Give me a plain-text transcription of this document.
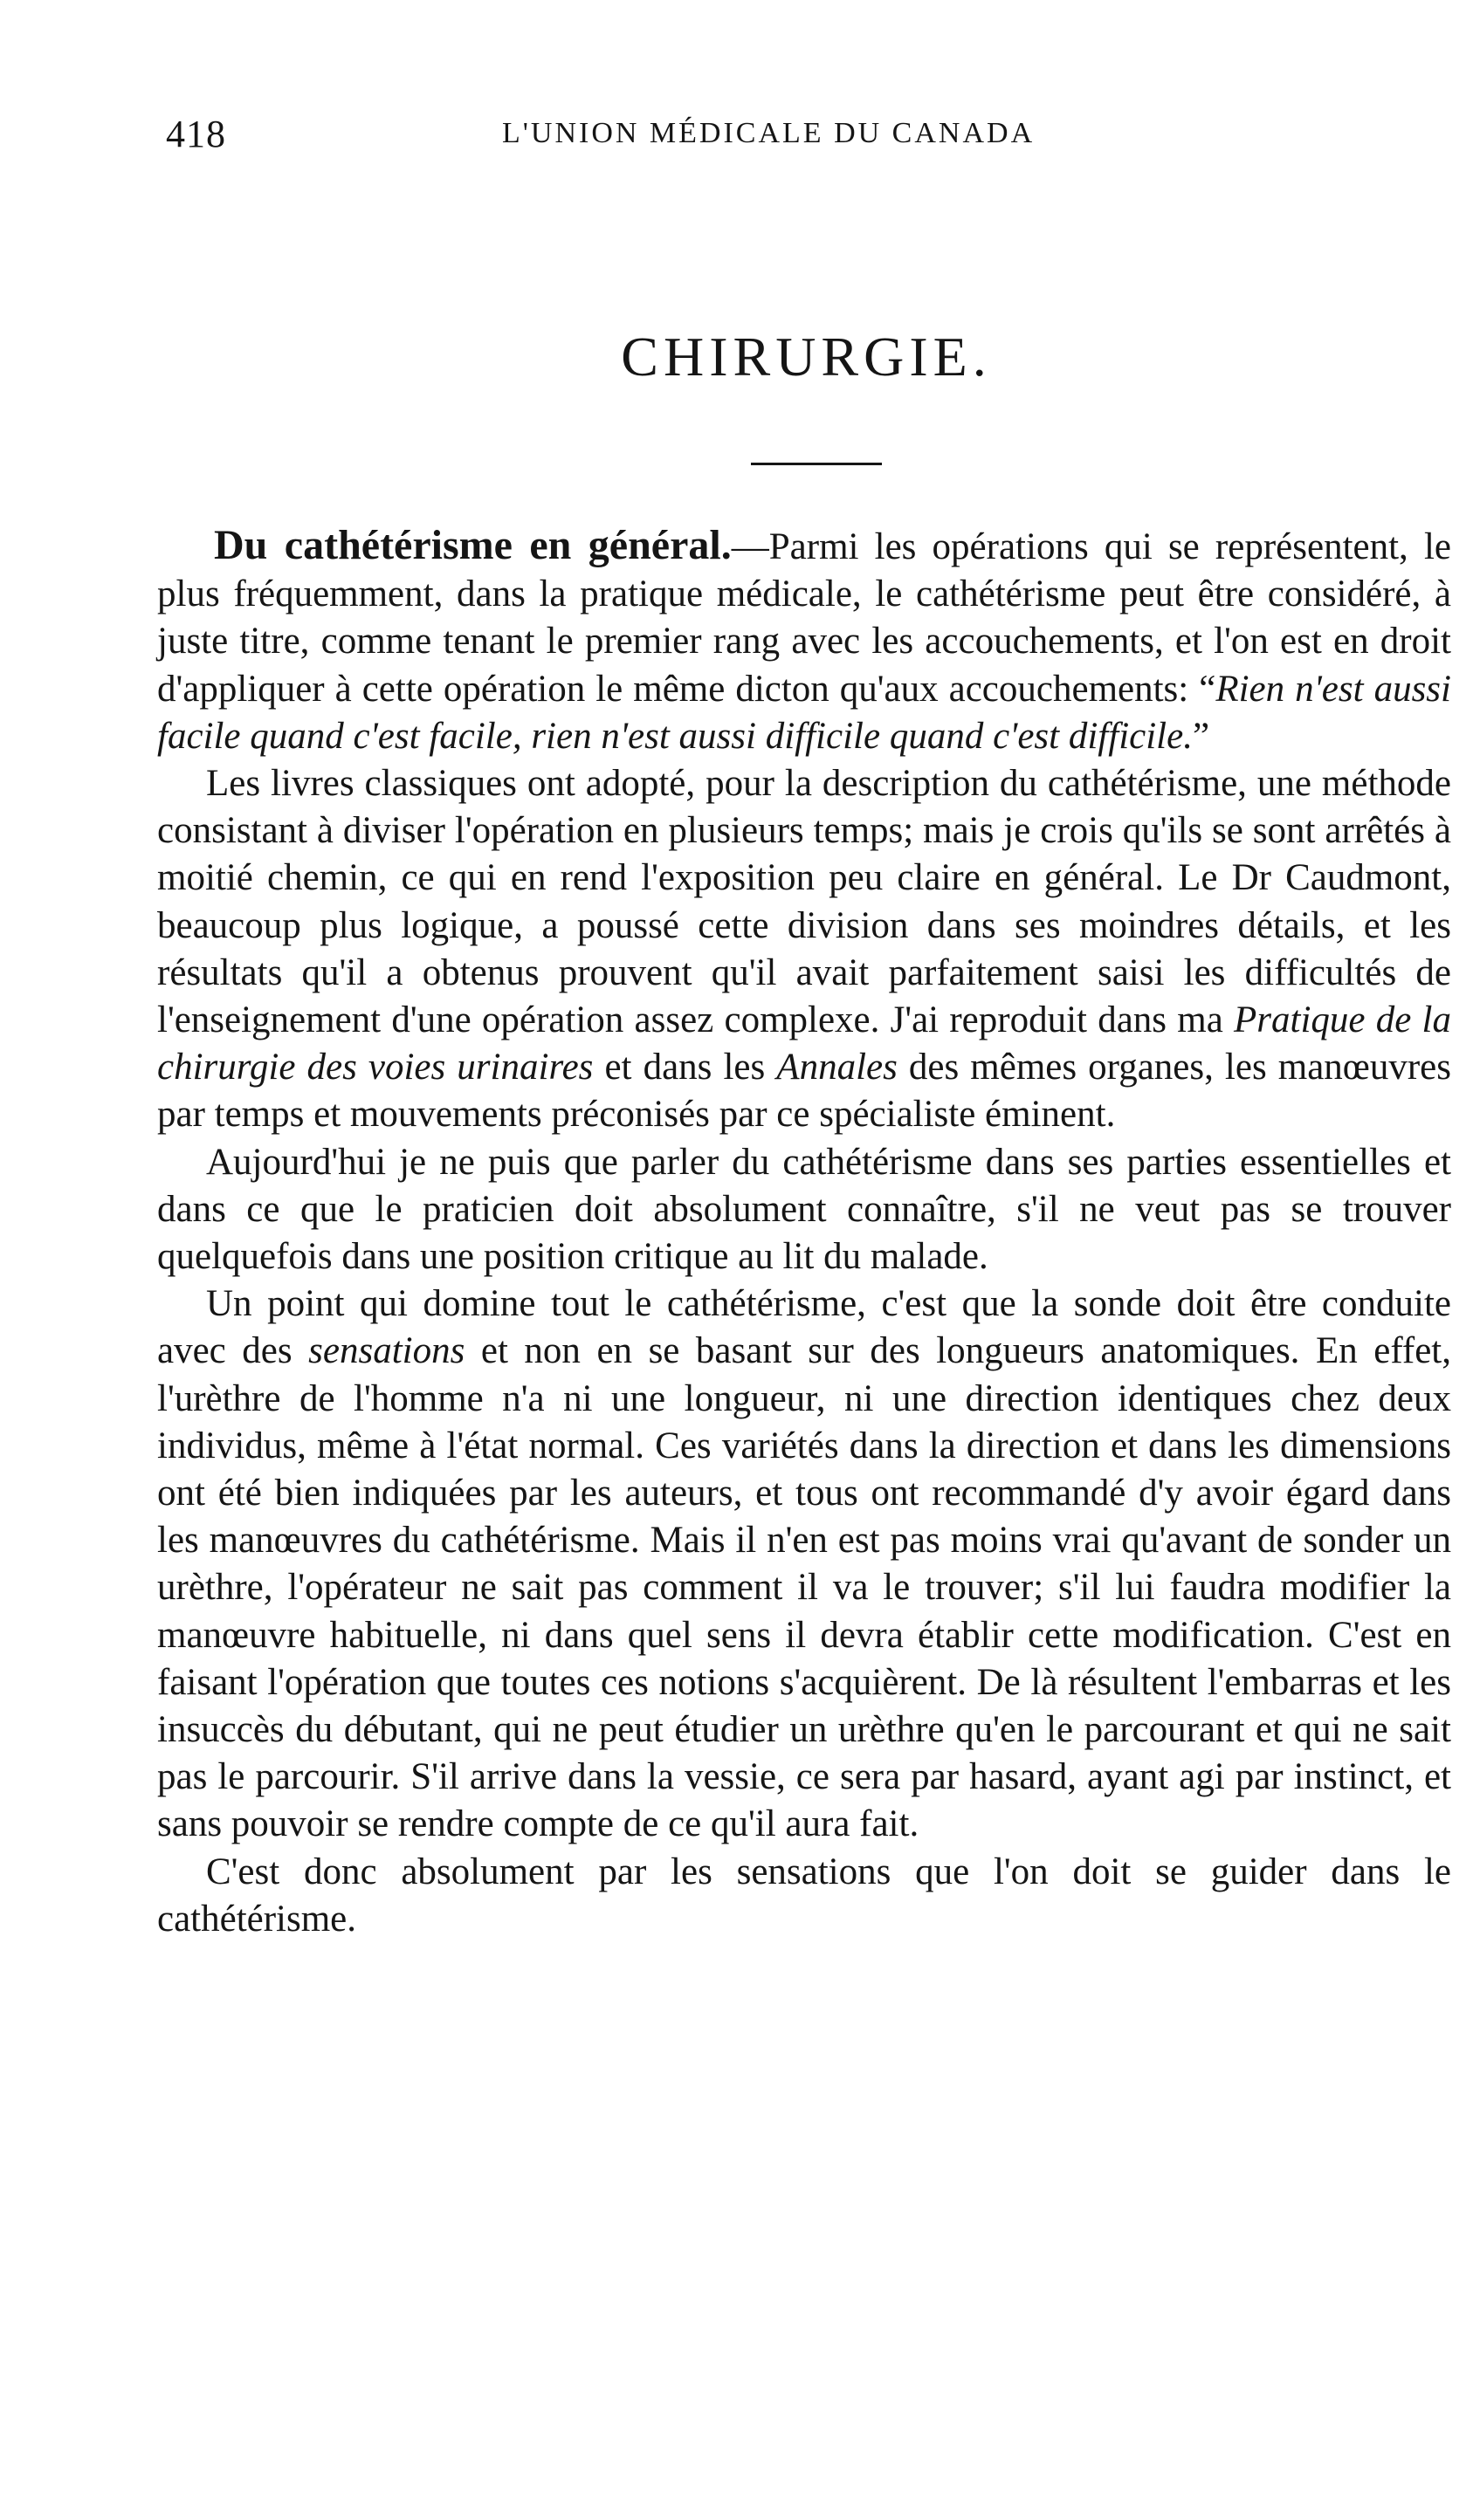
418	L'UNION MÉDICALE DU CANADA
CHIRURGIE.

Du cathétérisme en général.—Parmi les opérations qui se représentent, le plus fréquemment, dans la pratique médicale, le cathétérisme peut être considéré, à juste titre, comme tenant le premier rang avec les accouchements, et l'on est en droit d'appliquer à cette opération le même dicton qu'aux accouchements: “Rien n'est aussi facile quand c'est facile, rien n'est aussi difficile quand c'est difficile.”

Les livres classiques ont adopté, pour la description du cathétérisme, une méthode consistant à diviser l'opération en plusieurs temps; mais je crois qu'ils se sont arrêtés à moitié chemin, ce qui en rend l'exposition peu claire en général. Le Dr Caudmont, beaucoup plus logique, a poussé cette division dans ses moindres détails, et les résultats qu'il a obtenus prouvent qu'il avait parfaitement saisi les difficultés de l'enseignement d'une opération assez complexe. J'ai reproduit dans ma Pratique de la chirurgie des voies urinaires et dans les Annales des mêmes organes, les manœuvres par temps et mouvements préconisés par ce spécialiste éminent.

Aujourd'hui je ne puis que parler du cathétérisme dans ses parties essentielles et dans ce que le praticien doit absolument connaître, s'il ne veut pas se trouver quelquefois dans une position critique au lit du malade.

Un point qui domine tout le cathétérisme, c'est que la sonde doit être conduite avec des sensations et non en se basant sur des longueurs anatomiques. En effet, l'urèthre de l'homme n'a ni une longueur, ni une direction identiques chez deux individus, même à l'état normal. Ces variétés dans la direction et dans les dimensions ont été bien indiquées par les auteurs, et tous ont recommandé d'y avoir égard dans les manœuvres du cathétérisme. Mais il n'en est pas moins vrai qu'avant de sonder un urèthre, l'opérateur ne sait pas comment il va le trouver; s'il lui faudra modifier la manœuvre habituelle, ni dans quel sens il devra établir cette modification. C'est en faisant l'opération que toutes ces notions s'acquièrent. De là résultent l'embarras et les insuccès du débutant, qui ne peut étudier un urèthre qu'en le parcourant et qui ne sait pas le parcourir. S'il arrive dans la vessie, ce sera par hasard, ayant agi par instinct, et sans pouvoir se rendre compte de ce qu'il aura fait.

C'est donc absolument par les sensations que l'on doit se guider dans le cathétérisme.
